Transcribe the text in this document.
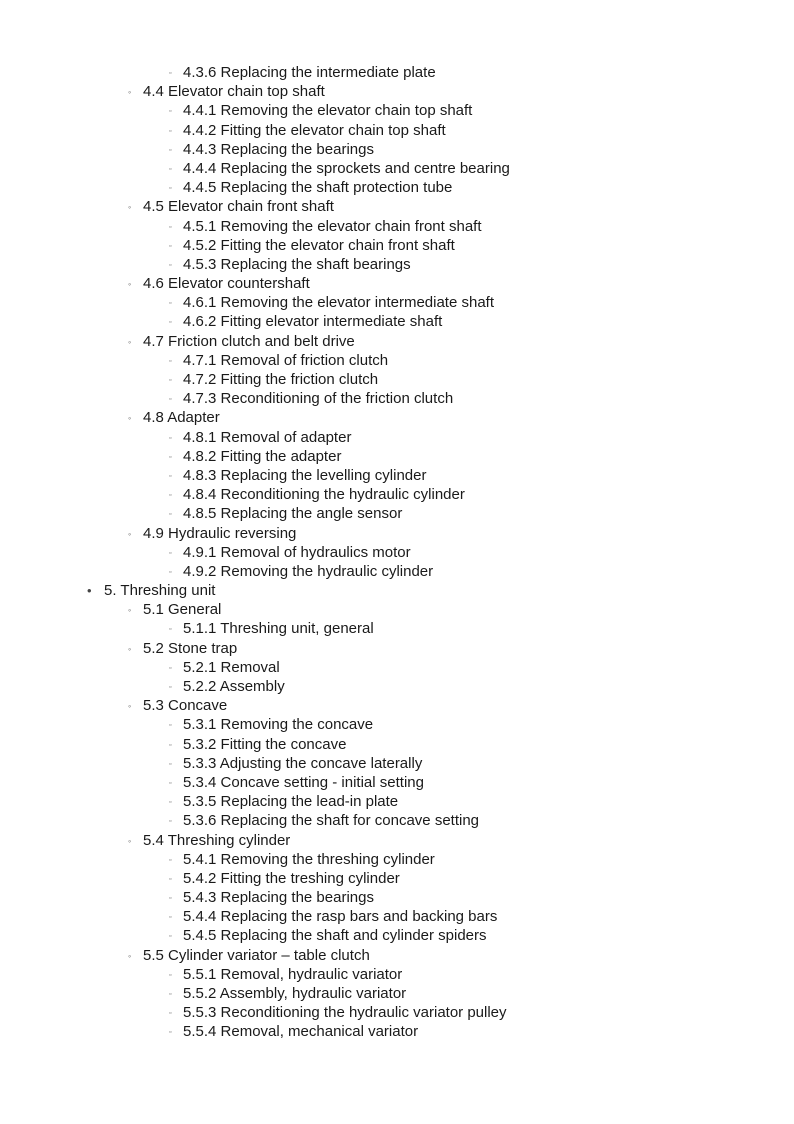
▫ 4.3.6 Replacing the intermediate plate
◦ 4.4 Elevator chain top shaft
▫ 4.4.1 Removing the elevator chain top shaft
▫ 4.4.2 Fitting the elevator chain top shaft
▫ 4.4.3 Replacing the bearings
▫ 4.4.4 Replacing the sprockets and centre bearing
▫ 4.4.5 Replacing the shaft protection tube
◦ 4.5 Elevator chain front shaft
▫ 4.5.1 Removing the elevator chain front shaft
▫ 4.5.2 Fitting the elevator chain front shaft
▫ 4.5.3 Replacing the shaft bearings
◦ 4.6 Elevator countershaft
▫ 4.6.1 Removing the elevator intermediate shaft
▫ 4.6.2 Fitting elevator intermediate shaft
◦ 4.7 Friction clutch and belt drive
▫ 4.7.1 Removal of friction clutch
▫ 4.7.2 Fitting the friction clutch
▫ 4.7.3 Reconditioning of the friction clutch
◦ 4.8 Adapter
▫ 4.8.1 Removal of adapter
▫ 4.8.2 Fitting the adapter
▫ 4.8.3 Replacing the levelling cylinder
▫ 4.8.4 Reconditioning the hydraulic cylinder
▫ 4.8.5 Replacing the angle sensor
◦ 4.9 Hydraulic reversing
▫ 4.9.1 Removal of hydraulics motor
▫ 4.9.2 Removing the hydraulic cylinder
• 5. Threshing unit
◦ 5.1 General
▫ 5.1.1 Threshing unit, general
◦ 5.2 Stone trap
▫ 5.2.1 Removal
▫ 5.2.2 Assembly
◦ 5.3 Concave
▫ 5.3.1 Removing the concave
▫ 5.3.2 Fitting the concave
▫ 5.3.3 Adjusting the concave laterally
▫ 5.3.4 Concave setting - initial setting
▫ 5.3.5 Replacing the lead-in plate
▫ 5.3.6 Replacing the shaft for concave setting
◦ 5.4 Threshing cylinder
▫ 5.4.1 Removing the threshing cylinder
▫ 5.4.2 Fitting the treshing cylinder
▫ 5.4.3 Replacing the bearings
▫ 5.4.4 Replacing the rasp bars and backing bars
▫ 5.4.5 Replacing the shaft and cylinder spiders
◦ 5.5 Cylinder variator – table clutch
▫ 5.5.1 Removal, hydraulic variator
▫ 5.5.2 Assembly, hydraulic variator
▫ 5.5.3 Reconditioning the hydraulic variator pulley
▫ 5.5.4 Removal, mechanical variator
